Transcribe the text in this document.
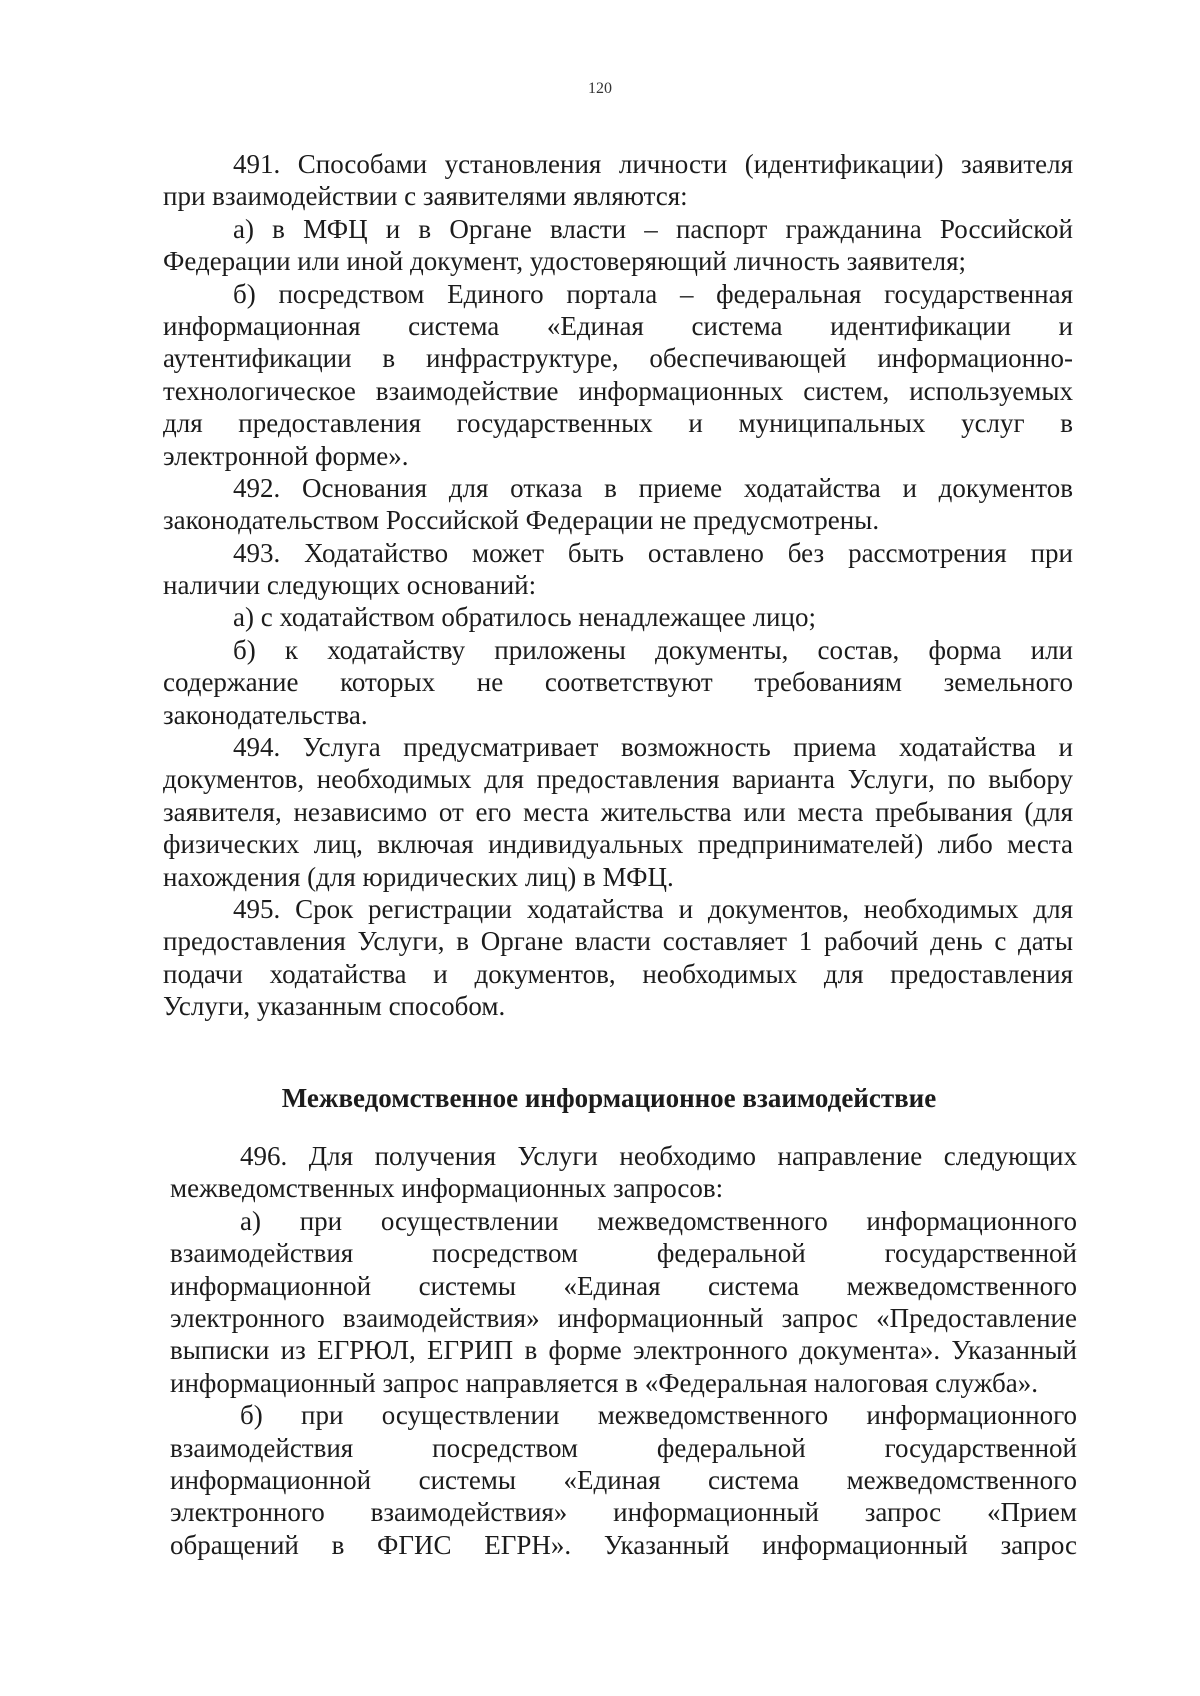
120
491. Способами установления личности (идентификации) заявителя
при взаимодействии с заявителями являются:
а) в МФЦ и в Органе власти – паспорт гражданина Российской
Федерации или иной документ, удостоверяющий личность заявителя;
б) посредством Единого портала – федеральная государственная
информационная система «Единая система идентификации и
аутентификации в инфраструктуре, обеспечивающей информационно-
технологическое взаимодействие информационных систем, используемых
для предоставления государственных и муниципальных услуг в
электронной форме».
492. Основания для отказа в приеме ходатайства и документов
законодательством Российской Федерации не предусмотрены.
493. Ходатайство может быть оставлено без рассмотрения при
наличии следующих оснований:
а) с ходатайством обратилось ненадлежащее лицо;
б) к ходатайству приложены документы, состав, форма или
содержание которых не соответствуют требованиям земельного
законодательства.
494. Услуга предусматривает возможность приема ходатайства и
документов, необходимых для предоставления варианта Услуги, по выбору
заявителя, независимо от его места жительства или места пребывания (для
физических лиц, включая индивидуальных предпринимателей) либо места
нахождения (для юридических лиц) в МФЦ.
495. Срок регистрации ходатайства и документов, необходимых для
предоставления Услуги, в Органе власти составляет 1 рабочий день с даты
подачи ходатайства и документов, необходимых для предоставления
Услуги, указанным способом.
Межведомственное информационное взаимодействие
496. Для получения Услуги необходимо направление следующих
межведомственных информационных запросов:
а) при осуществлении межведомственного информационного
взаимодействия посредством федеральной государственной
информационной системы «Единая система межведомственного
электронного взаимодействия» информационный запрос «Предоставление
выписки из ЕГРЮЛ, ЕГРИП в форме электронного документа». Указанный
информационный запрос направляется в «Федеральная налоговая служба».
б) при осуществлении межведомственного информационного
взаимодействия посредством федеральной государственной
информационной системы «Единая система межведомственного
электронного взаимодействия» информационный запрос «Прием
обращений в ФГИС ЕГРН». Указанный информационный запрос
